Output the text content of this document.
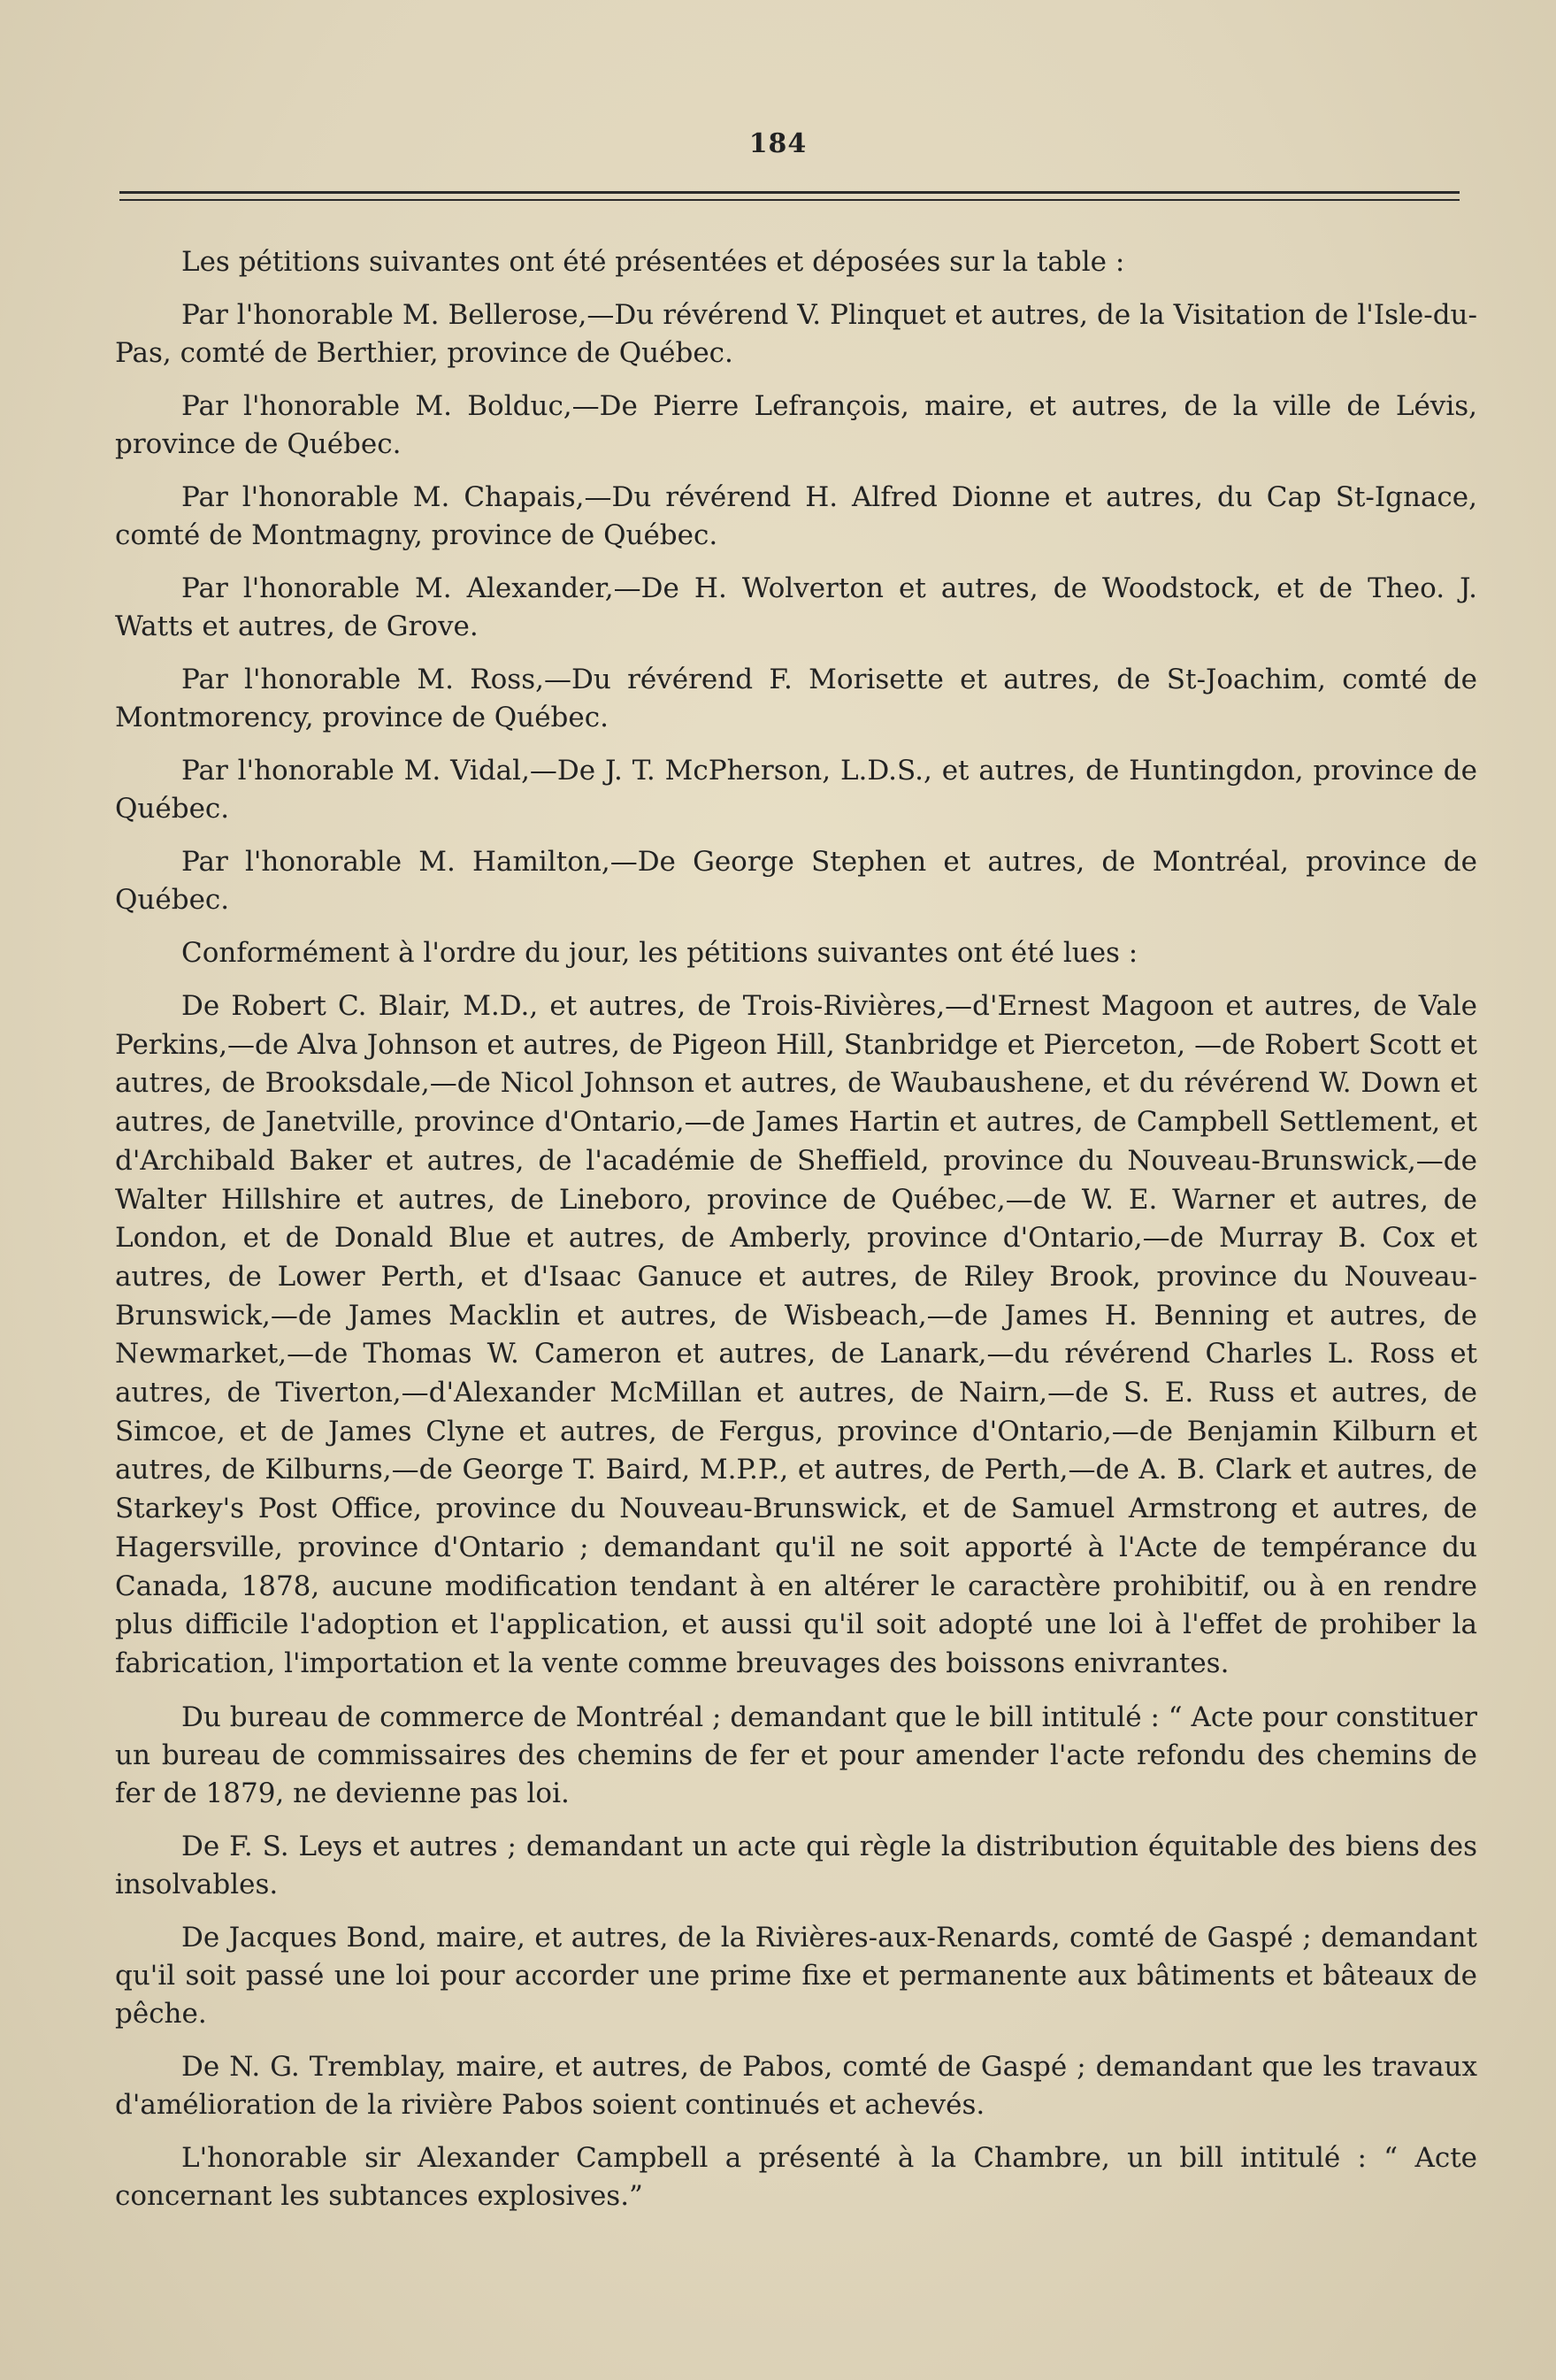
184

Les pétitions suivantes ont été présentées et déposées sur la table :

Par l'honorable M. Bellerose,—Du révérend V. Plinquet et autres, de la Visitation de l'Isle-du-Pas, comté de Berthier, province de Québec.

Par l'honorable M. Bolduc,—De Pierre Lefrançois, maire, et autres, de la ville de Lévis, province de Québec.

Par l'honorable M. Chapais,—Du révérend H. Alfred Dionne et autres, du Cap St-Ignace, comté de Montmagny, province de Québec.

Par l'honorable M. Alexander,—De H. Wolverton et autres, de Woodstock, et de Theo. J. Watts et autres, de Grove.

Par l'honorable M. Ross,—Du révérend F. Morisette et autres, de St-Joachim, comté de Montmorency, province de Québec.

Par l'honorable M. Vidal,—De J. T. McPherson, L.D.S., et autres, de Huntingdon, province de Québec.

Par l'honorable M. Hamilton,—De George Stephen et autres, de Montréal, province de Québec.

Conformément à l'ordre du jour, les pétitions suivantes ont été lues :

De Robert C. Blair, M.D., et autres, de Trois-Rivières,—d'Ernest Magoon et autres, de Vale Perkins,—de Alva Johnson et autres, de Pigeon Hill, Stanbridge et Pierceton, —de Robert Scott et autres, de Brooksdale,—de Nicol Johnson et autres, de Waubaushene, et du révérend W. Down et autres, de Janetville, province d'Ontario,—de James Hartin et autres, de Campbell Settlement, et d'Archibald Baker et autres, de l'académie de Sheffield, province du Nouveau-Brunswick,—de Walter Hillshire et autres, de Lineboro, province de Québec,—de W. E. Warner et autres, de London, et de Donald Blue et autres, de Amberly, province d'Ontario,—de Murray B. Cox et autres, de Lower Perth, et d'Isaac Ganuce et autres, de Riley Brook, province du Nouveau-Brunswick,—de James Macklin et autres, de Wisbeach,—de James H. Benning et autres, de Newmarket,—de Thomas W. Cameron et autres, de Lanark,—du révérend Charles L. Ross et autres, de Tiverton,—d'Alexander McMillan et autres, de Nairn,—de S. E. Russ et autres, de Simcoe, et de James Clyne et autres, de Fergus, province d'Ontario,—de Benjamin Kilburn et autres, de Kilburns,—de George T. Baird, M.P.P., et autres, de Perth,—de A. B. Clark et autres, de Starkey's Post Office, province du Nouveau-Brunswick, et de Samuel Armstrong et autres, de Hagersville, province d'Ontario ; demandant qu'il ne soit apporté à l'Acte de tempérance du Canada, 1878, aucune modification tendant à en altérer le caractère prohibitif, ou à en rendre plus difficile l'adoption et l'application, et aussi qu'il soit adopté une loi à l'effet de prohiber la fabrication, l'importation et la vente comme breuvages des boissons enivrantes.

Du bureau de commerce de Montréal ; demandant que le bill intitulé : “ Acte pour constituer un bureau de commissaires des chemins de fer et pour amender l'acte refondu des chemins de fer de 1879, ne devienne pas loi.

De F. S. Leys et autres ; demandant un acte qui règle la distribution équitable des biens des insolvables.

De Jacques Bond, maire, et autres, de la Rivières-aux-Renards, comté de Gaspé ; demandant qu'il soit passé une loi pour accorder une prime fixe et permanente aux bâtiments et bâteaux de pêche.

De N. G. Tremblay, maire, et autres, de Pabos, comté de Gaspé ; demandant que les travaux d'amélioration de la rivière Pabos soient continués et achevés.

L'honorable sir Alexander Campbell a présenté à la Chambre, un bill intitulé : “ Acte concernant les subtances explosives.”
